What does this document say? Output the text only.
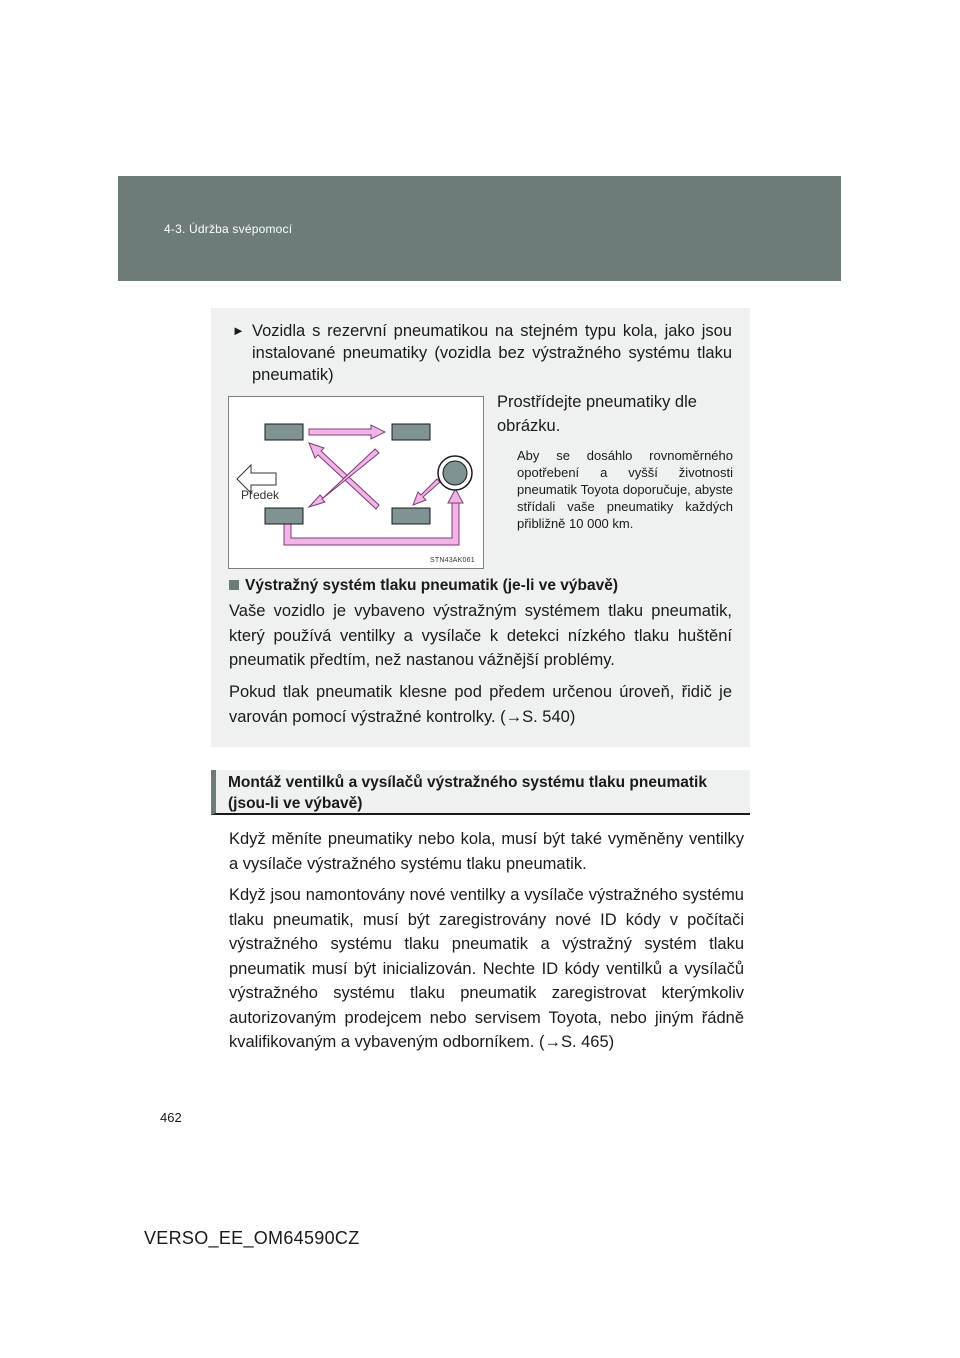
4-3. Údržba svépomocí
► Vozidla s rezervní pneumatikou na stejném typu kola, jako jsou instalované pneumatiky (vozidla bez výstražného systému tlaku pneumatik)
Předek
STN43AK061
Prostřídejte pneumatiky dle obrázku.
Aby se dosáhlo rovnoměrného opotřebení a vyšší životnosti pneumatik Toyota doporučuje, abyste střídali vaše pneumatiky každých přibližně 10 000 km.
Výstražný systém tlaku pneumatik (je-li ve výbavě)
Vaše vozidlo je vybaveno výstražným systémem tlaku pneumatik, který používá ventilky a vysílače k detekci nízkého tlaku huštění pneumatik předtím, než nastanou vážnější problémy.
Pokud tlak pneumatik klesne pod předem určenou úroveň, řidič je varován pomocí výstražné kontrolky. (→S. 540)
Montáž ventilků a vysílačů výstražného systému tlaku pneumatik (jsou-li ve výbavě)
Když měníte pneumatiky nebo kola, musí být také vyměněny ventilky a vysílače výstražného systému tlaku pneumatik.
Když jsou namontovány nové ventilky a vysílače výstražného systému tlaku pneumatik, musí být zaregistrovány nové ID kódy v počítači výstražného systému tlaku pneumatik a výstražný systém tlaku pneumatik musí být inicializován. Nechte ID kódy ventilků a vysílačů výstražného systému tlaku pneumatik zaregistrovat kterýmkoliv autorizovaným prodejcem nebo servisem Toyota, nebo jiným řádně kvalifikovaným a vybaveným odborníkem. (→S. 465)
462
VERSO_EE_OM64590CZ
